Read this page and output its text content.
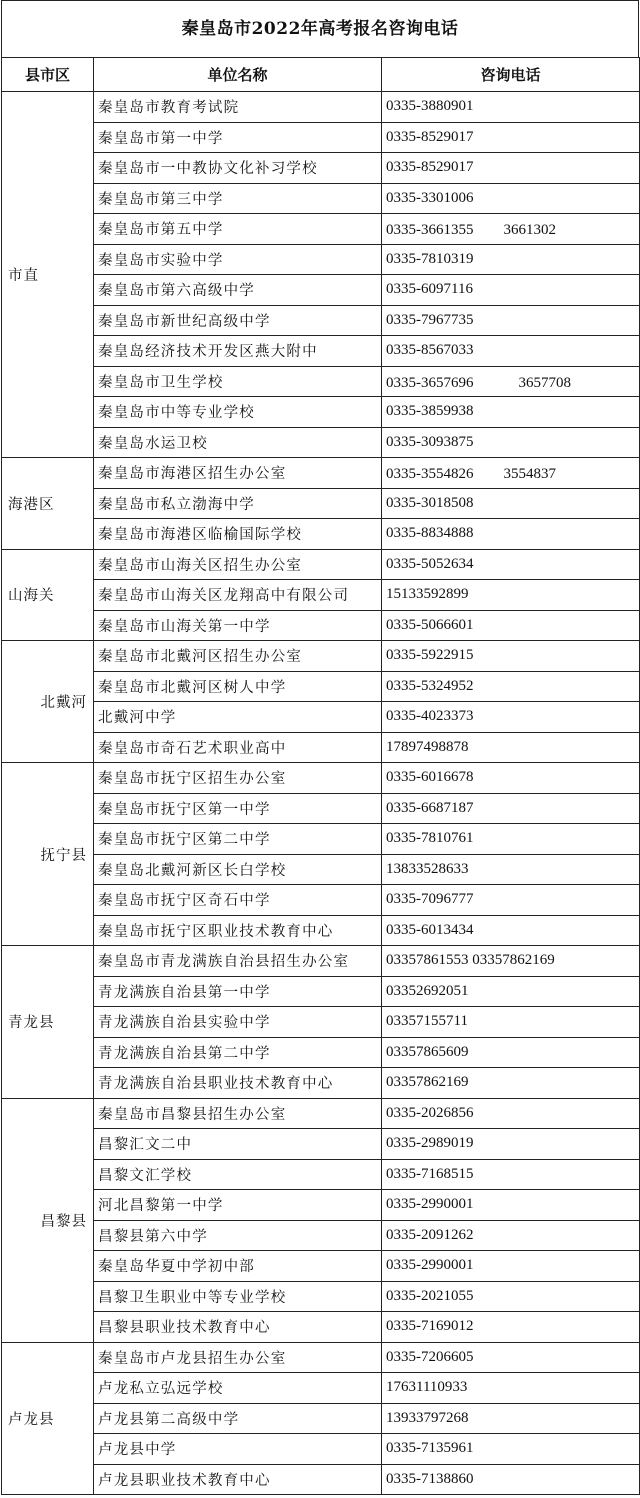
秦皇岛市2022年高考报名咨询电话
县市区	单位名称	咨询电话
市直	秦皇岛市教育考试院	0335-3880901
	秦皇岛市第一中学	0335-8529017
	秦皇岛市一中教协文化补习学校	0335-8529017
	秦皇岛市第三中学	0335-3301006
	秦皇岛市第五中学	0335-3661355　　3661302
	秦皇岛市实验中学	0335-7810319
	秦皇岛市第六高级中学	0335-6097116
	秦皇岛市新世纪高级中学	0335-7967735
	秦皇岛经济技术开发区燕大附中	0335-8567033
	秦皇岛市卫生学校	0335-3657696　　　3657708
	秦皇岛市中等专业学校	0335-3859938
	秦皇岛水运卫校	0335-3093875
海港区	秦皇岛市海港区招生办公室	0335-3554826　　3554837
	秦皇岛市私立渤海中学	0335-3018508
	秦皇岛市海港区临榆国际学校	0335-8834888
山海关	秦皇岛市山海关区招生办公室	0335-5052634
	秦皇岛市山海关区龙翔高中有限公司	15133592899
	秦皇岛市山海关第一中学	0335-5066601
北戴河	秦皇岛市北戴河区招生办公室	0335-5922915
	秦皇岛市北戴河区树人中学	0335-5324952
	北戴河中学	0335-4023373
	秦皇岛市奇石艺术职业高中	17897498878
抚宁县	秦皇岛市抚宁区招生办公室	0335-6016678
	秦皇岛市抚宁区第一中学	0335-6687187
	秦皇岛市抚宁区第二中学	0335-7810761
	秦皇岛北戴河新区长白学校	13833528633
	秦皇岛市抚宁区奇石中学	0335-7096777
	秦皇岛市抚宁区职业技术教育中心	0335-6013434
青龙县	秦皇岛市青龙满族自治县招生办公室	03357861553 03357862169
	青龙满族自治县第一中学	03352692051
	青龙满族自治县实验中学	03357155711
	青龙满族自治县第二中学	03357865609
	青龙满族自治县职业技术教育中心	03357862169
昌黎县	秦皇岛市昌黎县招生办公室	0335-2026856
	昌黎汇文二中	0335-2989019
	昌黎文汇学校	0335-7168515
	河北昌黎第一中学	0335-2990001
	昌黎县第六中学	0335-2091262
	秦皇岛华夏中学初中部	0335-2990001
	昌黎卫生职业中等专业学校	0335-2021055
	昌黎县职业技术教育中心	0335-7169012
卢龙县	秦皇岛市卢龙县招生办公室	0335-7206605
	卢龙私立弘远学校	17631110933
	卢龙县第二高级中学	13933797268
	卢龙县中学	0335-7135961
	卢龙县职业技术教育中心	0335-7138860
